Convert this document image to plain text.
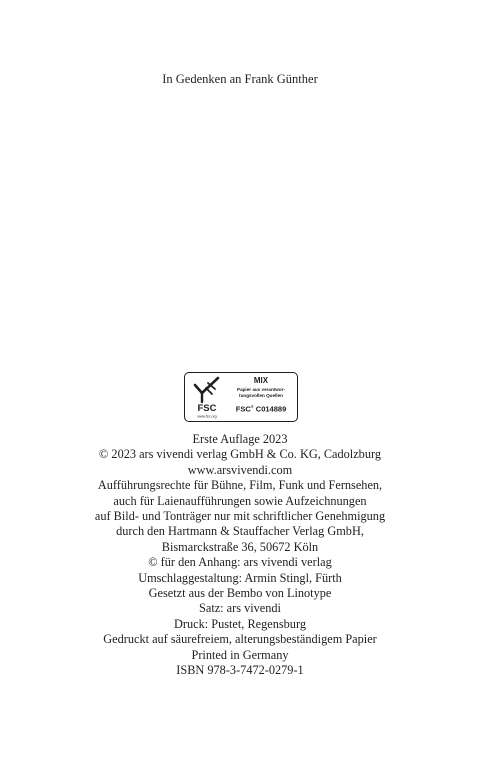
In Gedenken an Frank Günther
FSC
www.fsc.org
MIX
Papier aus verantwor-
tungsvollen Quellen
FSC® C014889
Erste Auflage 2023
© 2023 ars vivendi verlag GmbH & Co. KG, Cadolzburg
www.arsvivendi.com
Aufführungsrechte für Bühne, Film, Funk und Fernsehen,
auch für Laienaufführungen sowie Aufzeichnungen
auf Bild- und Tonträger nur mit schriftlicher Genehmigung
durch den Hartmann & Stauffacher Verlag GmbH,
Bismarckstraße 36, 50672 Köln
© für den Anhang: ars vivendi verlag
Umschlaggestaltung: Armin Stingl, Fürth
Gesetzt aus der Bembo von Linotype
Satz: ars vivendi
Druck: Pustet, Regensburg
Gedruckt auf säurefreiem, alterungsbeständigem Papier
Printed in Germany
ISBN 978-3-7472-0279-1
